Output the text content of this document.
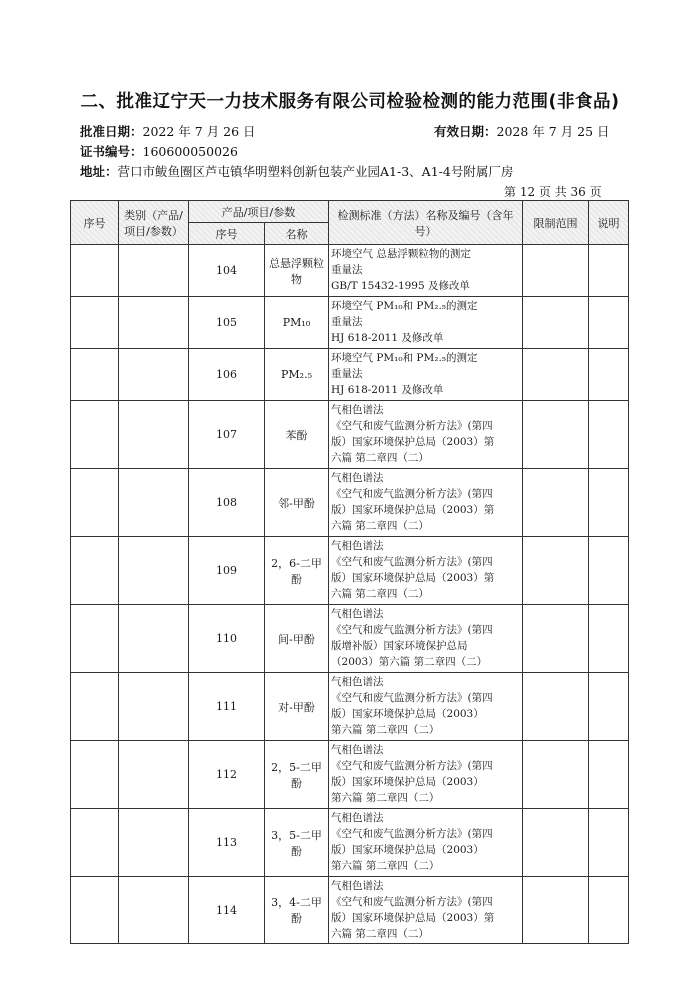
二、批准辽宁天一力技术服务有限公司检验检测的能力范围(非食品)
批准日期：2022 年 7 月 26 日	有效日期：2028 年 7 月 25 日
证书编号：160600050026
地址：营口市鲅鱼圈区芦屯镇华明塑料创新包装产业园A1-3、A1-4号附属厂房
第 12 页 共 36 页
序号	类别（产品/项目/参数）	产品/项目/参数		检测标准（方法）名称及编号（含年号）	限制范围	说明
		序号	名称			
		104	总悬浮颗粒物	环境空气 总悬浮颗粒物的测定
重量法
GB/T 15432-1995 及修改单		

		105	PM₁₀	环境空气 PM₁₀和 PM₂.₅的测定
重量法
HJ 618-2011 及修改单		

		106	PM₂.₅	环境空气 PM₁₀和 PM₂.₅的测定
重量法
HJ 618-2011 及修改单		

		107	苯酚	气相色谱法
《空气和废气监测分析方法》(第四
版）国家环境保护总局（2003）第
六篇 第二章四（二）		

		108	邻-甲酚	气相色谱法
《空气和废气监测分析方法》(第四
版）国家环境保护总局（2003）第
六篇 第二章四（二）		

		109	2，6-二甲酚	气相色谱法
《空气和废气监测分析方法》(第四
版）国家环境保护总局（2003）第
六篇 第二章四（二）		

		110	间-甲酚	气相色谱法
《空气和废气监测分析方法》(第四
版增补版）国家环境保护总局
（2003）第六篇 第二章四（二）		

		111	对-甲酚	气相色谱法
《空气和废气监测分析方法》(第四
版）国家环境保护总局（2003）
第六篇 第二章四（二）		

		112	2，5-二甲酚	气相色谱法
《空气和废气监测分析方法》(第四
版）国家环境保护总局（2003）
第六篇 第二章四（二）		

		113	3，5-二甲酚	气相色谱法
《空气和废气监测分析方法》(第四
版）国家环境保护总局（2003）
第六篇 第二章四（二）		

		114	3，4-二甲酚	气相色谱法
《空气和废气监测分析方法》(第四
版）国家环境保护总局（2003）第
六篇 第二章四（二）		
